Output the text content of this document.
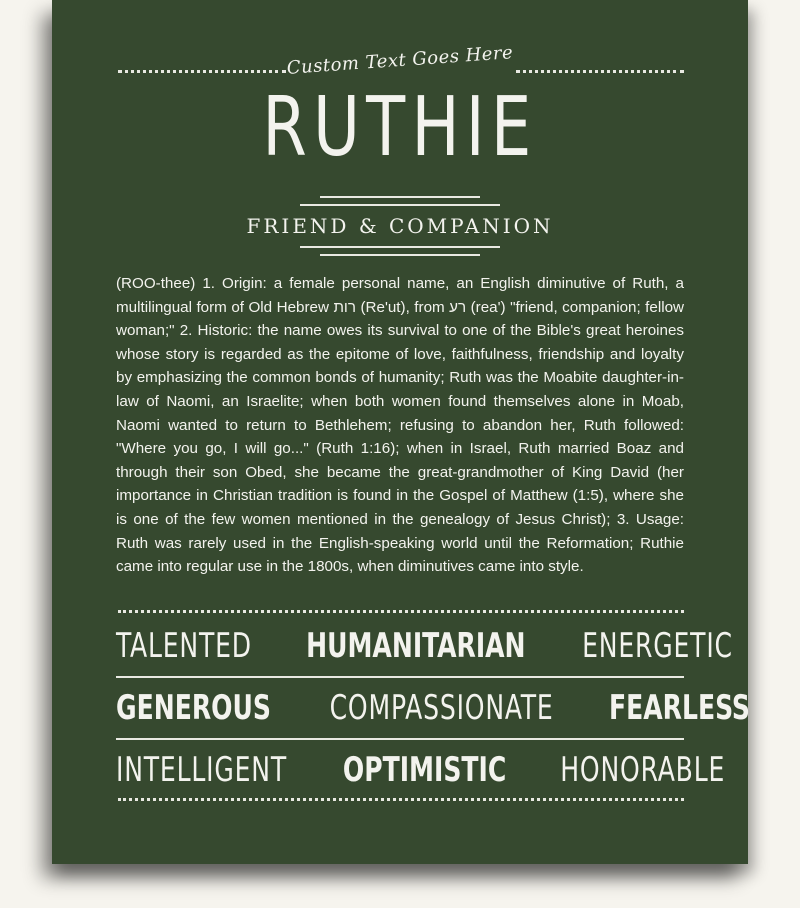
Custom Text Goes Here
RUTHIE
FRIEND & COMPANION

(ROO-thee) 1. Origin: a female personal name, an English diminutive of Ruth, a multilingual form of Old Hebrew רות (Re'ut), from רע (rea') "friend, companion; fellow woman;" 2. Historic: the name owes its survival to one of the Bible's great heroines whose story is regarded as the epitome of love, faithfulness, friendship and loyalty by emphasizing the common bonds of humanity; Ruth was the Moabite daughter-in-law of Naomi, an Israelite; when both women found themselves alone in Moab, Naomi wanted to return to Bethlehem; refusing to abandon her, Ruth followed: "Where you go, I will go..." (Ruth 1:16); when in Israel, Ruth married Boaz and through their son Obed, she became the great-grandmother of King David (her importance in Christian tradition is found in the Gospel of Matthew (1:5), where she is one of the few women mentioned in the genealogy of Jesus Christ); 3. Usage: Ruth was rarely used in the English-speaking world until the Reformation; Ruthie came into regular use in the 1800s, when diminutives came into style.

TALENTED HUMANITARIAN ENERGETIC
GENEROUS COMPASSIONATE FEARLESS
INTELLIGENT OPTIMISTIC HONORABLE
